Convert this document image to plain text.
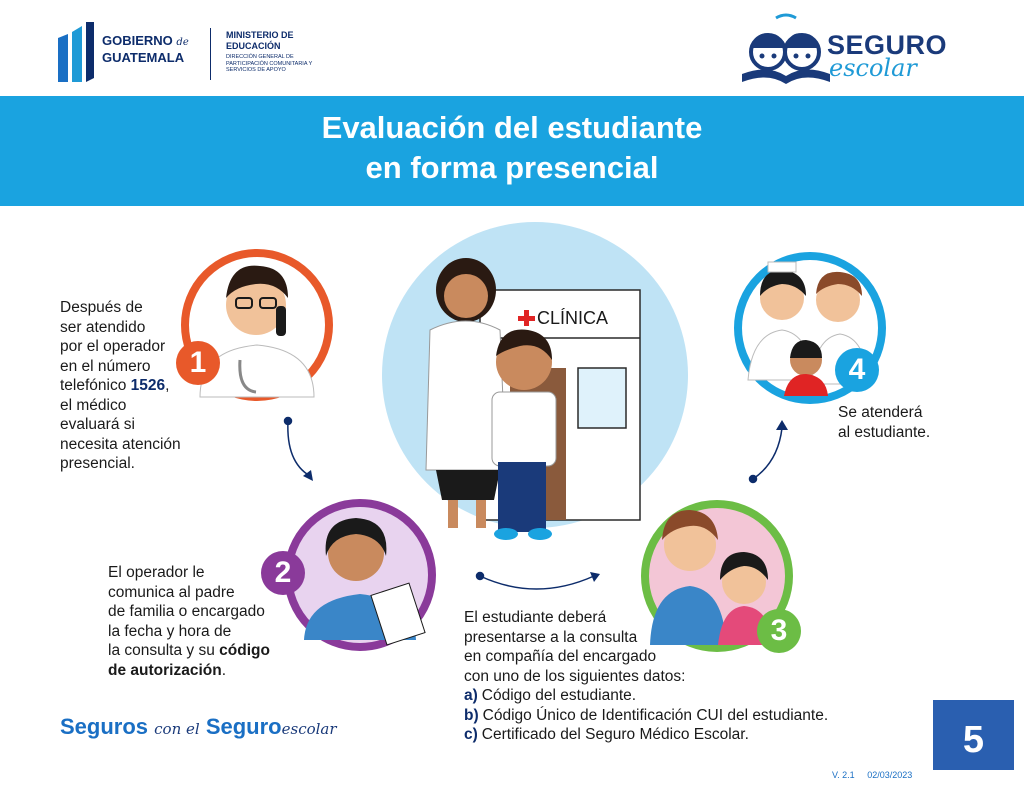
GOBIERNO de
GUATEMALA
MINISTERIO DE
EDUCACIÓN
DIRECCIÓN GENERAL DE PARTICIPACIÓN COMUNITARIA Y SERVICIOS DE APOYO
SEGURO
escolar
Evaluación del estudiante
en forma presencial
CLÍNICA
1
2
3
4
Después de
ser atendido
por el operador
en el número
telefónico 1526,
el médico
evaluará si
necesita atención
presencial.
El operador le
comunica al padre
de familia o encargado
la fecha y hora de
la consulta y su código
de autorización.
El estudiante deberá
presentarse a la consulta
en compañía del encargado
con uno de los siguientes datos:
a) Código del estudiante.
b) Código Único de Identificación CUI del estudiante.
c) Certificado del Seguro Médico Escolar.
Se atenderá
al estudiante.
Seguros con el Seguroescolar	5
V. 2.1 02/03/2023
